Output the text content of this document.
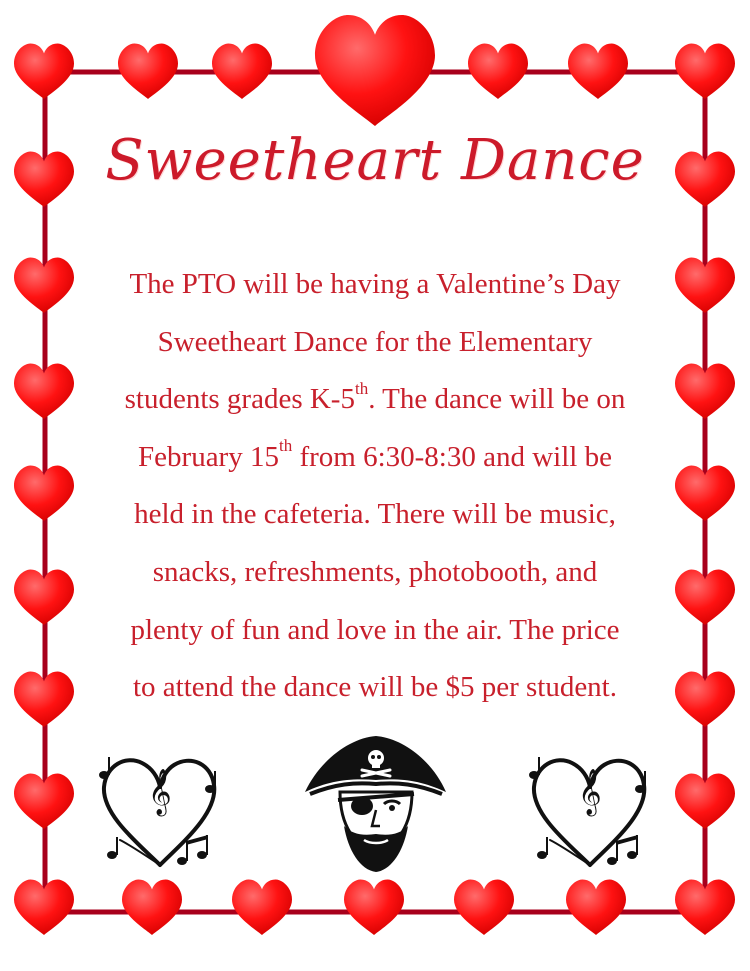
Sweetheart Dance
The PTO will be having a Valentine’s Day
Sweetheart Dance for the Elementary
students grades K-5th. The dance will be on
February 15th from 6:30-8:30 and will be
held in the cafeteria. There will be music,
snacks, refreshments, photobooth, and
plenty of fun and love in the air. The price
to attend the dance will be $5 per student.
𝄞	𝄞
